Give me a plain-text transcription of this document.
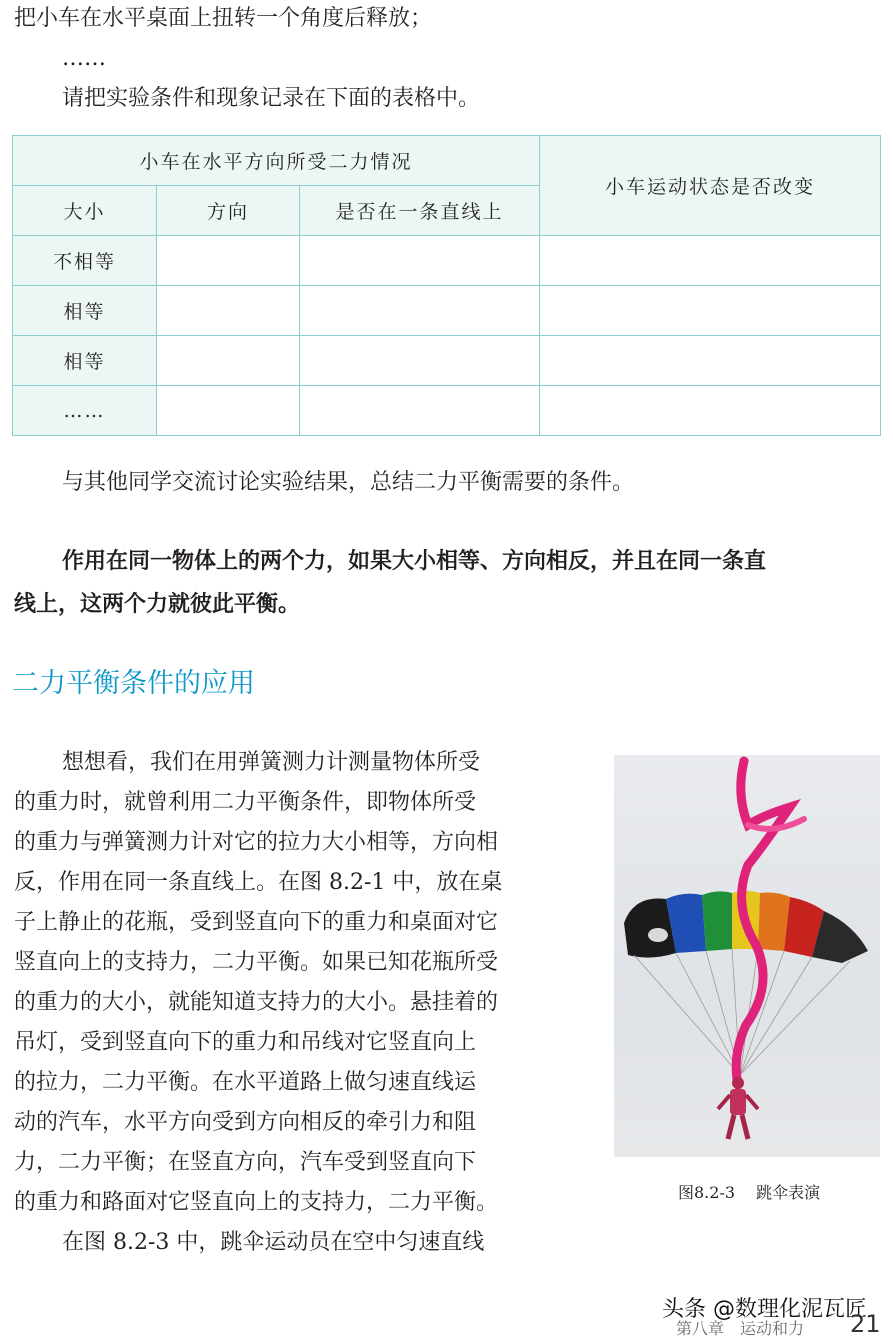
把小车在水平桌面上扭转一个角度后释放；

……

请把实验条件和现象记录在下面的表格中。

小车在水平方向所受二力情况			小车运动状态是否改变
大小	方向	是否在一条直线上	
不相等			
相等			
相等			
……			

与其他同学交流讨论实验结果，总结二力平衡需要的条件。

作用在同一物体上的两个力，如果大小相等、方向相反，并且在同一条直

线上，这两个力就彼此平衡。

二力平衡条件的应用

想想看，我们在用弹簧测力计测量物体所受

的重力时，就曾利用二力平衡条件，即物体所受

的重力与弹簧测力计对它的拉力大小相等，方向相

反，作用在同一条直线上。在图 8.2-1 中，放在桌

子上静止的花瓶，受到竖直向下的重力和桌面对它

竖直向上的支持力，二力平衡。如果已知花瓶所受

的重力的大小，就能知道支持力的大小。悬挂着的

吊灯，受到竖直向下的重力和吊线对它竖直向上

的拉力，二力平衡。在水平道路上做匀速直线运

动的汽车，水平方向受到方向相反的牵引力和阻

力，二力平衡；在竖直方向，汽车受到竖直向下

的重力和路面对它竖直向上的支持力，二力平衡。

在图 8.2-3 中，跳伞运动员在空中匀速直线

图8.2-3　 跳伞表演

第八章　运动和力
头条 @数理化泥瓦匠
21
